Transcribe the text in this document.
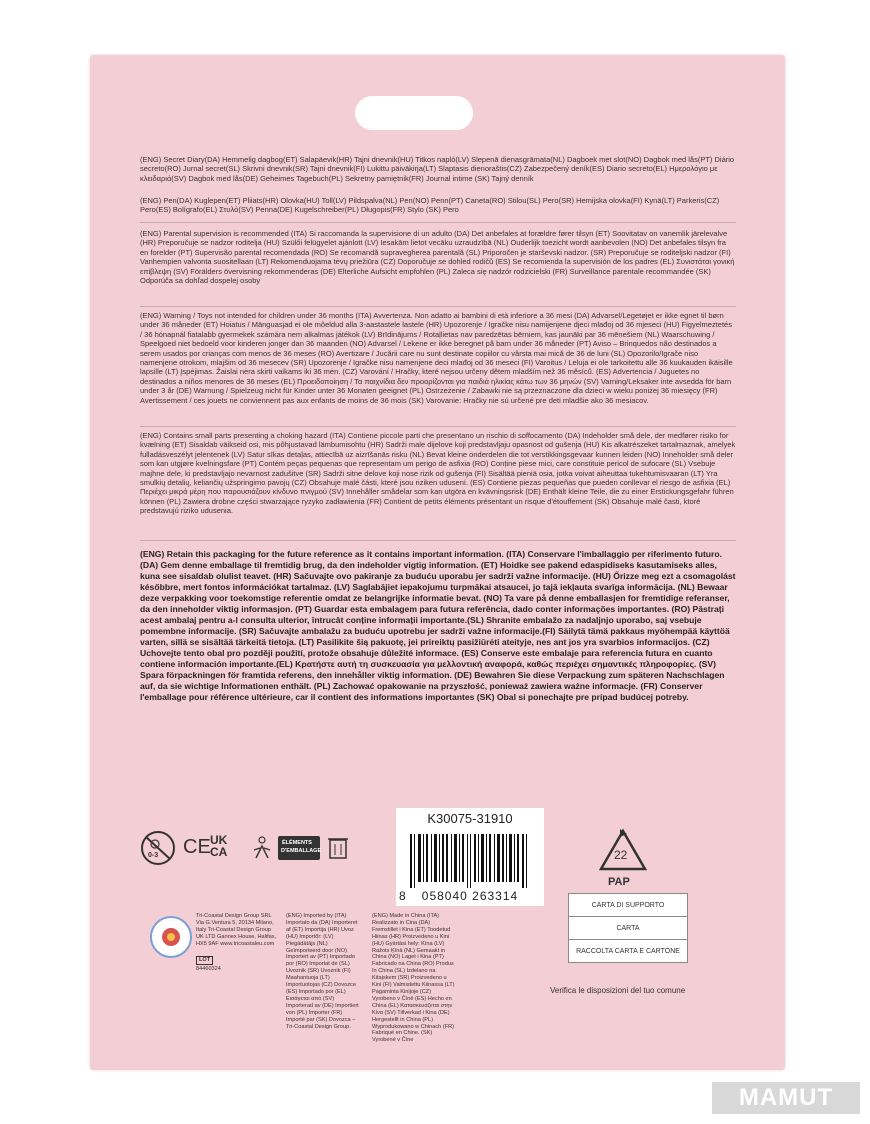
(ENG) Secret Diary(DA) Hemmelig dagbog(ET) Salapäevik(HR) Tajni dnevnik(HU) Titkos napló(LV) Slepenā dienasgrāmata(NL) Dagboek met slot(NO) Dagbok med lås(PT) Diário secreto(RO) Jurnal secret(SL) Skrivni dnevnik(SR) Tajni dnevnik(FI) Lukittu päiväkirja(LT) Slaptasis dienoraštis(CZ) Zabezpečený deník(ES) Diario secreto(EL) Ημερολόγιο με κλειδαριά(SV) Dagbok med lås(DE) Geheimes Tagebuch(PL) Sekretny pamiętnik(FR) Journal intime (SK) Tajný denník

(ENG) Pen(DA) Kuglepen(ET) Pliiats(HR) Olovka(HU) Toll(LV) Pildspalva(NL) Pen(NO) Penn(PT) Caneta(RO) Stilou(SL) Pero(SR) Hemijska olovka(FI) Kynä(LT) Parkeris(CZ) Pero(ES) Bolígrafo(EL) Στυλό(SV) Penna(DE) Kugelschreiber(PL) Długopis(FR) Stylo (SK) Pero

(ENG) Parental supervision is recommended (ITA) Si raccomanda la supervisione di un adulto (DA) Det anbefales at forældre fører tilsyn (ET) Soovitatav on vanemlik järelevalve (HR) Preporučuje se nadzor roditelja (HU) Szülői felügyelet ajánlott (LV) Iesakām lietot vecāku uzraudzībā (NL) Ouderlijk toezicht wordt aanbevolen (NO) Det anbefales tilsyn fra en forelder (PT) Supervisão parental recomendada (RO) Se recomandă supravegherea parentală (SL) Priporočen je starševski nadzor. (SR) Preporučuje se roditeljski nadzor (FI) Vanhempien valvonta suositellaan (LT) Rekomenduojama tėvų priežiūra (CZ) Doporučuje se dohled rodičů (ES) Se recomienda la supervisión de los padres (EL) Συνιστάται γονική επίβλεψη (SV) Förälders övervisning rekommenderas (DE) Elterliche Aufsicht empfohlen (PL) Zaleca się nadzór rodzicielski (FR) Surveillance parentale recommandée (SK) Odporúča sa dohľad dospelej osoby

(ENG) Warning / Toys not intended for children under 36 months (ITA) Avvertenza. Non adatto ai bambini di età inferiore a 36 mesi (DA) Advarsel/Legetøjet er ikke egnet til børn under 36 måneder (ET) Hoiatus / Mänguasjad ei ole mõeldud alla 3-aastastele lastele (HR) Upozorenje / Igračke nisu namijenjene djeci mlađoj od 36 mjeseci (HU) Figyelmeztetés / 36 hónapnál fiatalabb gyermekek számára nem alkalmas játékok (LV) Brīdinājums / Rotaļlietas nav paredzētas bērniem, kas jaunāki par 36 mēnešiem (NL) Waarschuwing / Speelgoed niet bedoeld voor kinderen jonger dan 36 maanden (NO) Advarsel / Lekene er ikke beregnet på barn under 36 måneder (PT) Aviso – Brinquedos não destinados a serem usados por crianças com menos de 36 meses (RO) Avertizare / Jucării care nu sunt destinate copiilor cu vârsta mai mică de 36 de luni (SL) Opozorilo/Igrače niso namenjene otrokom, mlajšim od 36 mesecev (SR) Upozorenje / Igračke nisu namenjene deci mlađoj od 36 meseci (FI) Varoitus / Leluja ei ole tarkoitettu alle 36 kuukauden ikäisille lapsille (LT) Įspėjimas. Žaislai nėra skirti vaikams iki 36 mėn. (CZ) Varování / Hračky, které nejsou určeny dětem mladším než 36 měsíců. (ES) Advertencia / Juguetes no destinados a niños menores de 36 meses (EL) Προειδοποίηση / Τα παιχνίδια δεν προορίζονται για παιδιά ηλικίας κάτω των 36 μηνών (SV) Varning/Leksaker inte avsedda för barn under 3 år (DE) Warnung / Spielzeug nicht für Kinder unter 36 Monaten geeignet (PL) Ostrzeżenie / Zabawki nie są przeznaczone dla dzieci w wieku poniżej 36 miesięcy (FR) Avertissement / ces jouets ne conviennent pas aux enfants de moins de 36 mois (SK) Varovanie: Hračky nie sú určené pre deti mladšie ako 36 mesiacov.

(ENG) Contains small parts presenting a choking hazard (ITA) Contiene piccole parti che presentano un rischio di soffocamento (DA) Indeholder små dele, der medfører risiko for kvælning (ET) Sisaldab väikseid osi, mis põhjustavad lämbumisohtu (HR) Sadrži male dijelove koji predstavljaju opasnost od gušenja (HU) Kis alkatrészeket tartalmaznak, amelyek fulladásveszélyt jelentenek (LV) Satur sīkas detaļas, attiecībā uz aizrīšanās risku (NL) Bevat kleine onderdelen die tot verstikkingsgevaar kunnen leiden (NO) Inneholder små deler som kan utgjøre kvelningsfare (PT) Contém peças pequenas que representam um perigo de asfixia (RO) Conține piese mici, care constituie pericol de sufocare (SL) Vsebuje majhne dele, ki predstavljajo nevarnost zadušitve (SR) Sadrži sitne delove koji nose rizik od gušenja (FI) Sisältää pieniä osia, jotka voivat aiheuttaa tukehtumisvaaran (LT) Yra smulkių detalių, keliančių užspringimo pavojų (CZ) Obsahuje malé části, které jsou riziken udusení. (ES) Contiene piezas pequeñas que pueden conllevar el riesgo de asfixia (EL) Περιέχει μικρά μέρη που παρουσιάζουν κίνδυνο πνιγμού (SV) Innehåller smådelar som kan utgöra en kvävningsrisk (DE) Enthält kleine Teile, die zu einer Erstickungsgefahr führen können (PL) Zawiera drobne części stwarzające ryzyko zadławienia (FR) Contient de petits éléments présentant un risque d'étouffement (SK) Obsahuje malé časti, ktoré predstavujú riziko udusenia.

(ENG) Retain this packaging for the future reference as it contains important information. (ITA) Conservare l'imballaggio per riferimento futuro. (DA) Gem denne emballage til fremtidig brug, da den indeholder vigtig information. (ET) Hoidke see pakend edaspidiseks kasutamiseks alles, kuna see sisaldab olulist teavet. (HR) Sačuvajte ovo pakiranje za buduću uporabu jer sadrži važne informacije. (HU) Őrizze meg ezt a csomagolást későbbre, mert fontos információkat tartalmaz. (LV) Saglabājiet iepakojumu turpmākai atsaucei, jo tajā iekļauta svarīga informācija. (NL) Bewaar deze verpakking voor toekomstige referentie omdat ze belangrijke informatie bevat. (NO) Ta vare på denne emballasjen for fremtidige referanser, da den inneholder viktig informasjon. (PT) Guardar esta embalagem para futura referência, dado conter informações importantes. (RO) Păstrați acest ambalaj pentru a-l consulta ulterior, întrucât conține informații importante.(SL) Shranite embalažo za nadaljnjo uporabo, saj vsebuje pomembne informacije. (SR) Sačuvajte ambalažu za buduću upotrebu jer sadrži važne informacije.(FI) Säilytä tämä pakkaus myöhempää käyttöä varten, sillä se sisältää tärkeitä tietoja. (LT) Pasilikite šią pakuotę, jei prireiktų pasižiūrėti ateityje, nes ant jos yra svarbios informacijos. (CZ) Uchovejte tento obal pro později použití, protože obsahuje důležité informace. (ES) Conserve este embalaje para referencia futura en cuanto contiene información importante.(EL) Κρατήστε αυτή τη συσκευασία για μελλοντική αναφορά, καθώς περιέχει σημαντικές πληροφορίες. (SV) Spara förpackningen för framtida referens, den innehåller viktig information. (DE) Bewahren Sie diese Verpackung zum späteren Nachschlagen auf, da sie wichtige Informationen enthält. (PL) Zachować opakowanie na przyszłość, ponieważ zawiera ważne informacje. (FR) Conserver l'emballage pour référence ultérieure, car il contient des informations importantes (SK) Obal si ponechajte pre prípad budúcej potreby.

K30075-31910
8	058040 263314
0-3 CE UK CA
ÉLÉMENTS
D'EMBALLAGE	22
PAP
CARTA DI SUPPORTO
CARTA
RACCOLTA CARTA E CARTONE
Verifica le disposizioni del tuo comune

Tri-Coastal Design Group SRL Via G.Ventura 5, 20134 Milano, Italy Tri-Coastal Design Group UK LTD Gannex House, Halifax, HX5 9AF www.tricoastaleu.com

LOT
84460324

(ENG) Imported by (ITA) Importato da (DA) Importeret af (ET) Importija (HR) Uvoz (HU) Importőr: (LV) Piegādātājs (NL) Geïmporteerd door (NO) Importert av (PT) Importado por (RO) Importat de (SL) Uvoznik (SR) Uvoznik (FI) Maahantuoja (LT) Importuotojas (CZ) Dovozce (ES) Importado por (EL) Εισάγεται από (SV) Importerad av (DE) Importiert von (PL) Importer (FR) Importé par (SK) Dovozca – Tri-Coastal Design Group.

(ENG) Made in China (ITA) Realizzato in Cina (DA) Fremstillet i Kina (ET) Toodetud Hiinas (HR) Proizvedeno u Kini (HU) Gyártási hely: Kína (LV) Ražots Ķīnā (NL) Gemaakt in China (NO) Laget i Kina (PT) Fabricado na China (RO) Produs în China (SL) Izdelano na Kitajskem (SR) Proizvedeno u Kini (FI) Valmistettu Kiinassa (LT) Pagaminta Kinijoje (CZ) Vyrobeno v Číně (ES) Hecho en China (EL) Κατασκευάζεται στην Κίνα (SV) Tillverkad i Kina (DE) Hergestellt in China (PL) Wyprodukowano w Chinach (FR) Fabriqué en Chine. (SK) Vyrobené v Číne

MAMUT
